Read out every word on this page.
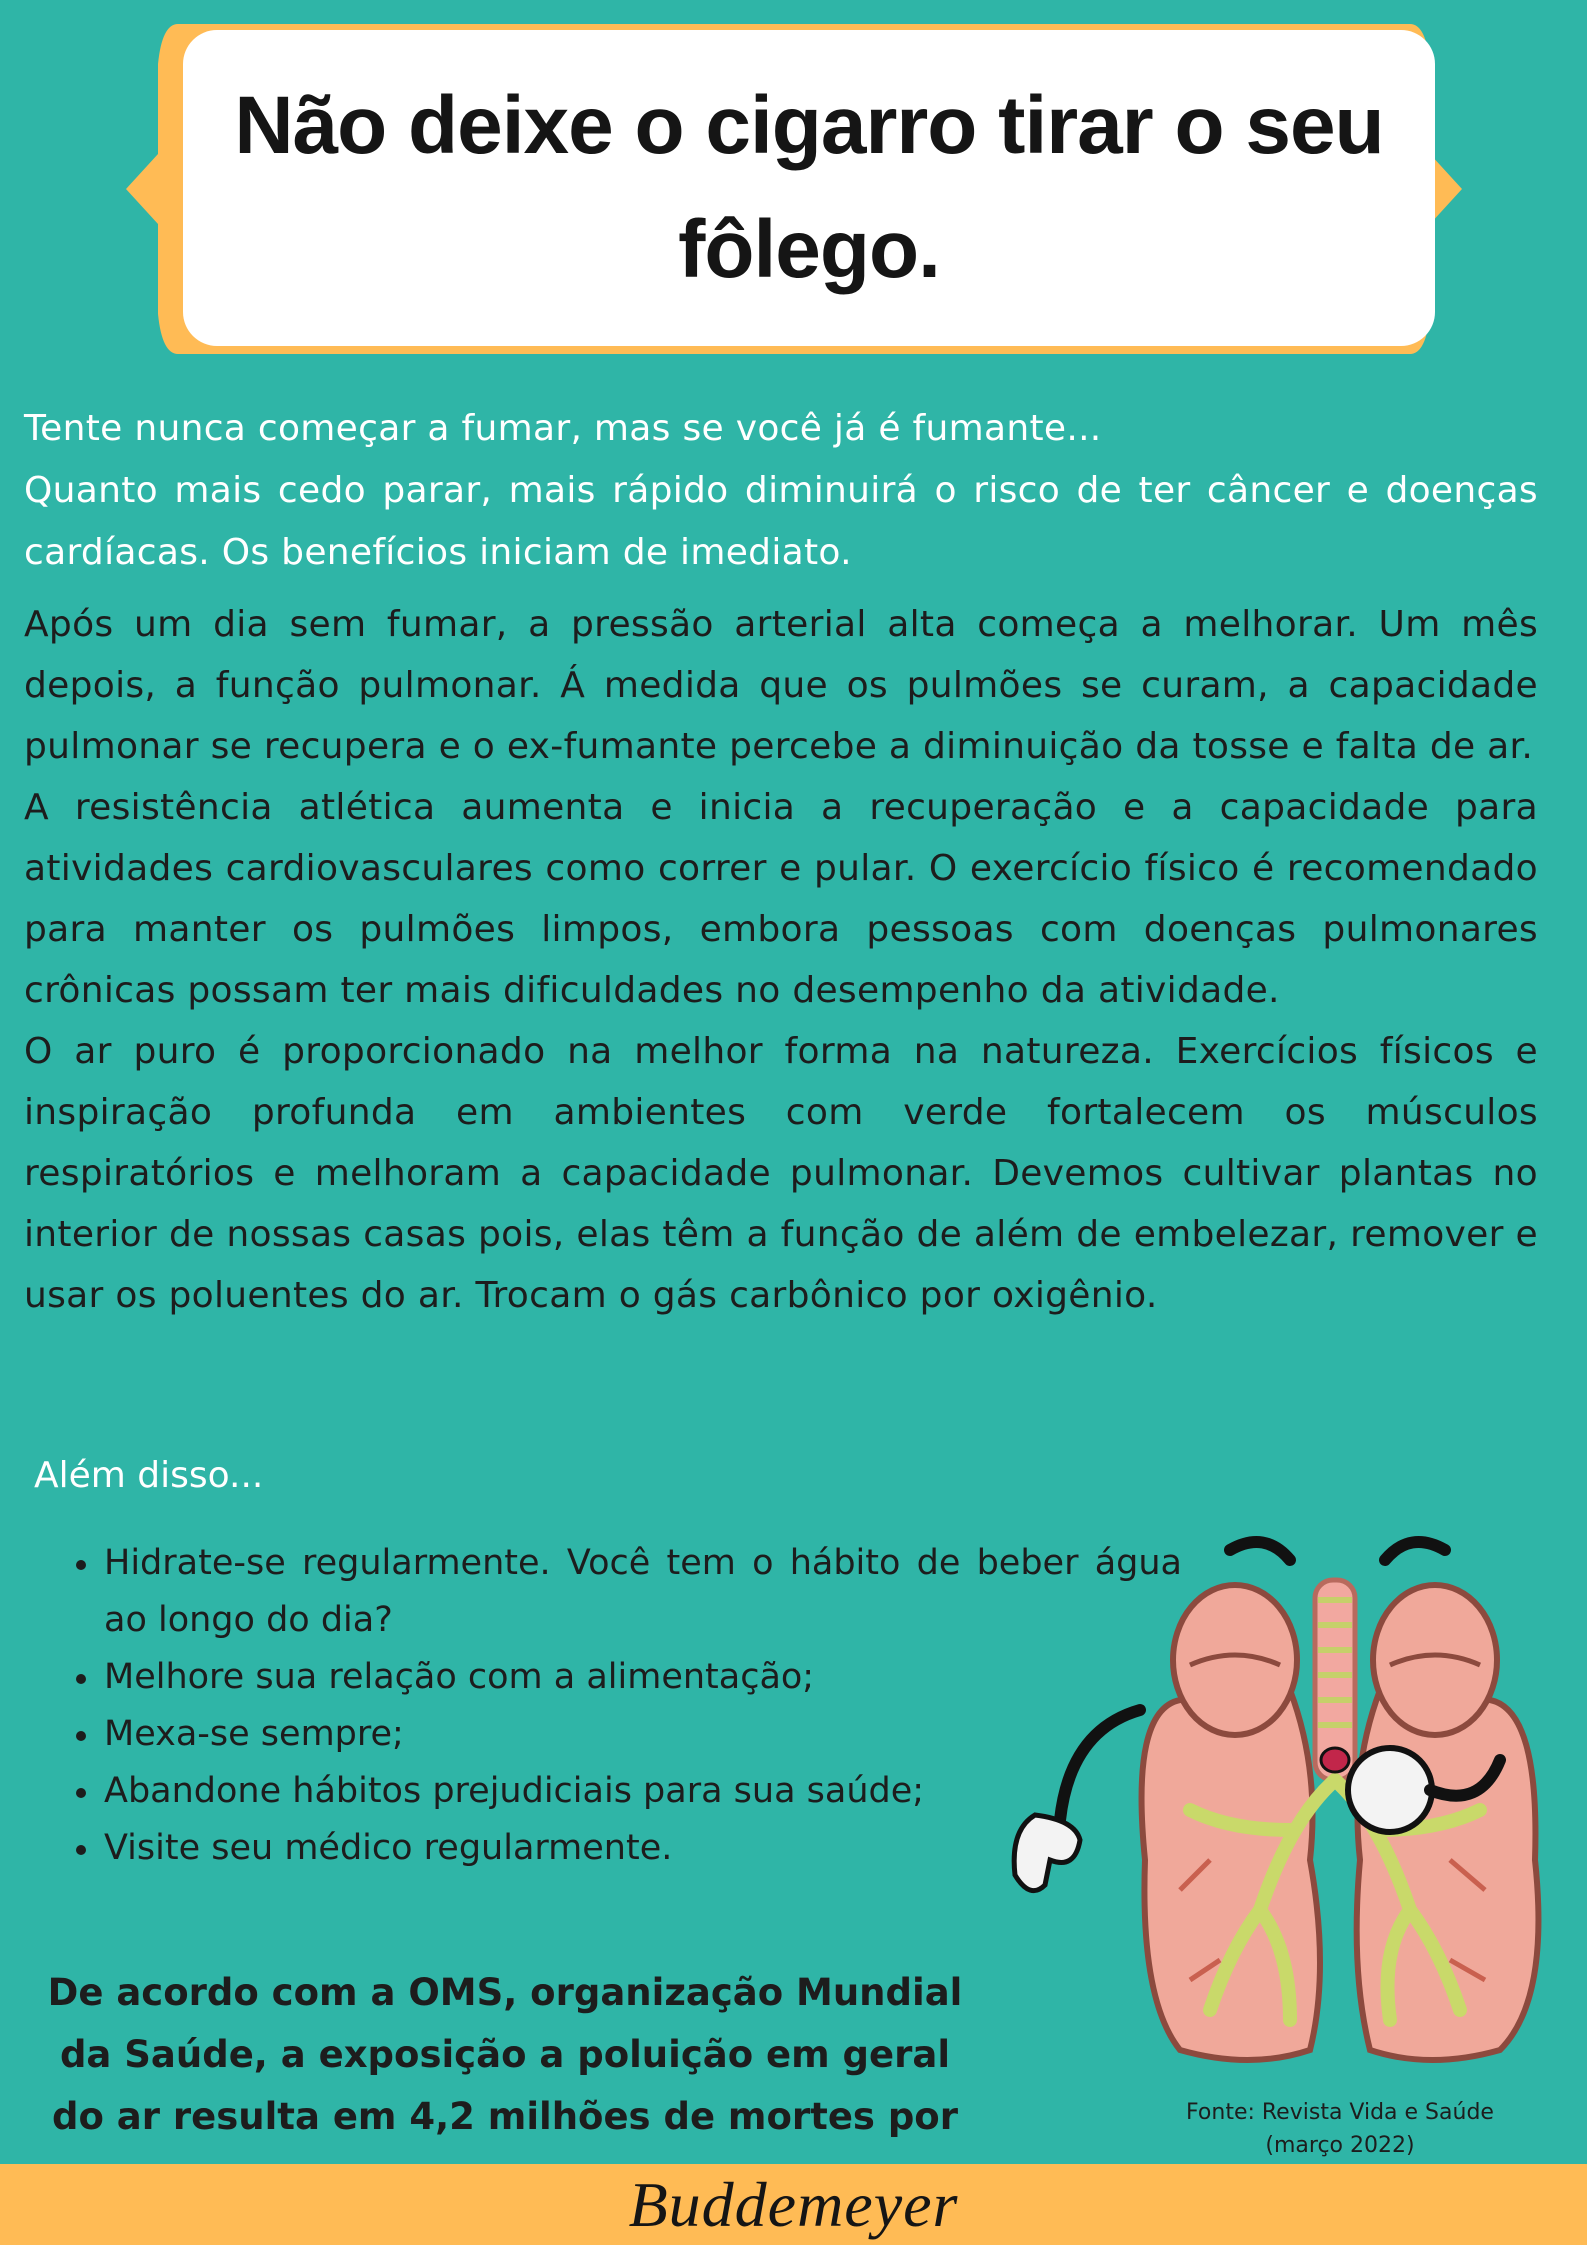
Não deixe o cigarro tirar o seu fôlego.
Tente nunca começar a fumar, mas se você já é fumante...
Quanto mais cedo parar, mais rápido diminuirá o risco de ter câncer e doenças cardíacas. Os benefícios iniciam de imediato.

Após um dia sem fumar, a pressão arterial alta começa a melhorar. Um mês depois, a função pulmonar. Á medida que os pulmões se curam, a capacidade pulmonar se recupera e o ex-fumante percebe a diminuição da tosse e falta de ar.

A resistência atlética aumenta e inicia a recuperação e a capacidade para atividades cardiovasculares como correr e pular. O exercício físico é recomendado para manter os pulmões limpos, embora pessoas com doenças pulmonares crônicas possam ter mais dificuldades no desempenho da atividade.

O ar puro é proporcionado na melhor forma na natureza. Exercícios físicos e inspiração profunda em ambientes com verde fortalecem os músculos respiratórios e melhoram a capacidade pulmonar. Devemos cultivar plantas no interior de nossas casas pois, elas têm a função de além de embelezar, remover e usar os poluentes do ar. Trocam o gás carbônico por oxigênio.

Além disso...
Hidrate-se regularmente. Você tem o hábito de beber água ao longo do dia?
Melhore sua relação com a alimentação;
Mexa-se sempre;
Abandone hábitos prejudiciais para sua saúde;
Visite seu médico regularmente.
De acordo com a OMS, organização Mundial da Saúde, a exposição a poluição em geral do ar resulta em 4,2 milhões de mortes por	Fonte: Revista Vida e Saúde
(março 2022)
Buddemeyer
